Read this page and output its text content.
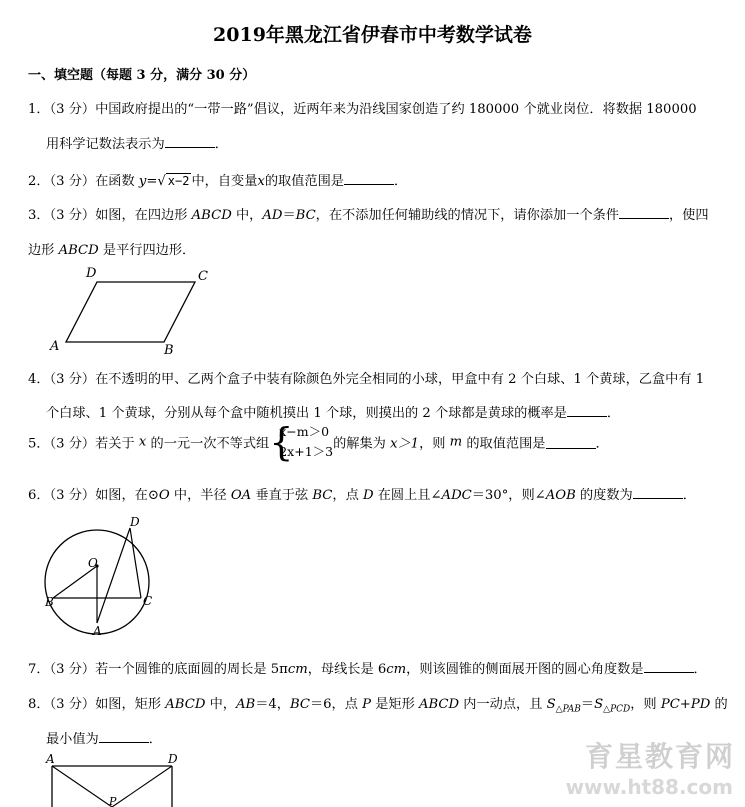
2019年黑龙江省伊春市中考数学试卷
一、填空题（每题 3 分，满分 30 分）
1．（3 分）中国政府提出的“一带一路”倡议，近两年来为沿线国家创造了约 180000 个就业岗位．将数据 180000
用科学记数法表示为	．
2．（3 分）在函数 y=√ x−2 中，自变量x的取值范围是	．
3．（3 分）如图，在四边形 ABCD 中，AD＝BC，在不添加任何辅助线的情况下，请你添加一个条件	，使四
边形 ABCD 是平行四边形．
A	B
C
D
4．（3 分）在不透明的甲、乙两个盒子中装有除颜色外完全相同的小球，甲盒中有 2 个白球、1 个黄球，乙盒中有 1
个白球、1 个黄球，分别从每个盒中随机摸出 1 个球，则摸出的 2 个球都是黄球的概率是	．
5．（3 分）若关于 x 的一元一次不等式组 {
x−m＞0
2x+1＞3的解集为 x＞1，则 m 的取值范围是	．
6．（3 分）如图，在⊙O 中，半径 OA 垂直于弦 BC，点 D 在圆上且∠ADC＝30°，则∠AOB 的度数为	．
O
B	C
D
A
7．（3 分）若一个圆锥的底面圆的周长是 5πcm，母线长是 6cm，则该圆锥的侧面展开图的圆心角度数是	．
8．（3 分）如图，矩形 ABCD 中，AB＝4，BC＝6，点 P 是矩形 ABCD 内一动点，且 $S_{\triangle PAB}=S_{\triangle PCD}$，则 PC+PD 的
最小值为	．
A	D
P
育星教育网
www.ht88.com
